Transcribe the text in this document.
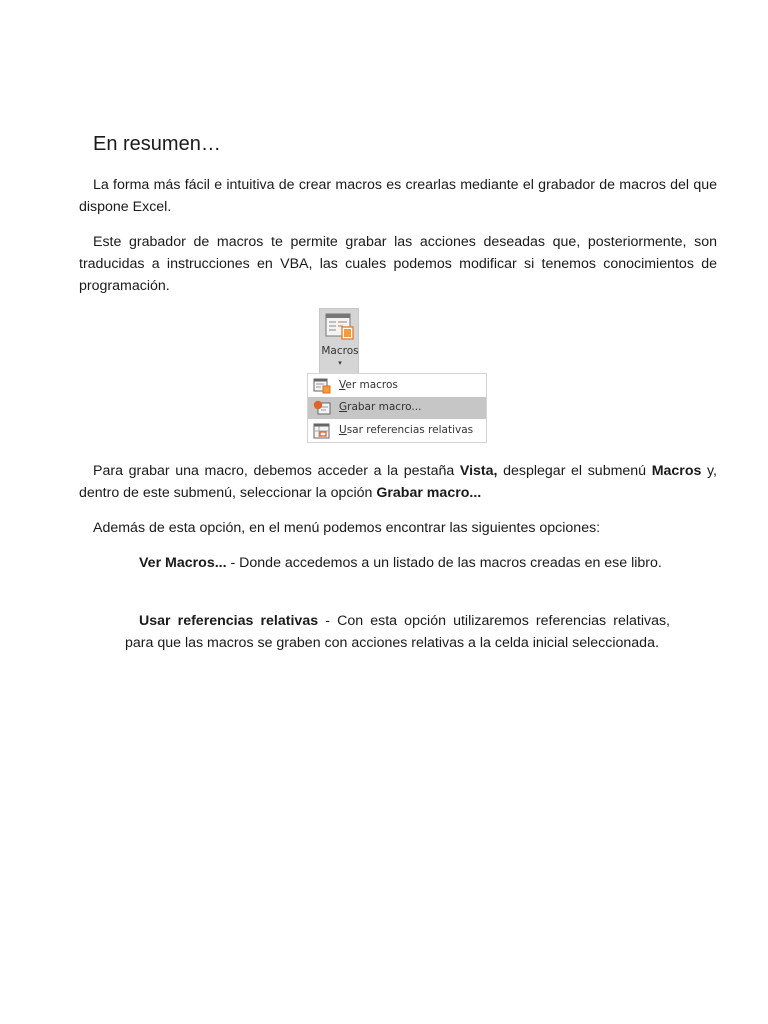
En resumen…

La forma más fácil e intuitiva de crear macros es crearlas mediante el grabador de macros del que dispone Excel.

Este grabador de macros te permite grabar las acciones deseadas que, posteriormente, son traducidas a instrucciones en VBA, las cuales podemos modificar si tenemos conocimientos de programación.

Para grabar una macro, debemos acceder a la pestaña Vista, desplegar el submenú Macros y, dentro de este submenú, seleccionar la opción Grabar macro...

Además de esta opción, en el menú podemos encontrar las siguientes opciones:

Ver Macros... - Donde accedemos a un listado de las macros creadas en ese libro.

Usar referencias relativas - Con esta opción utilizaremos referencias relativas, para que las macros se graben con acciones relativas a la celda inicial seleccionada.

Macros
▾
Ver macros
Grabar macro...
Usar referencias relativas
